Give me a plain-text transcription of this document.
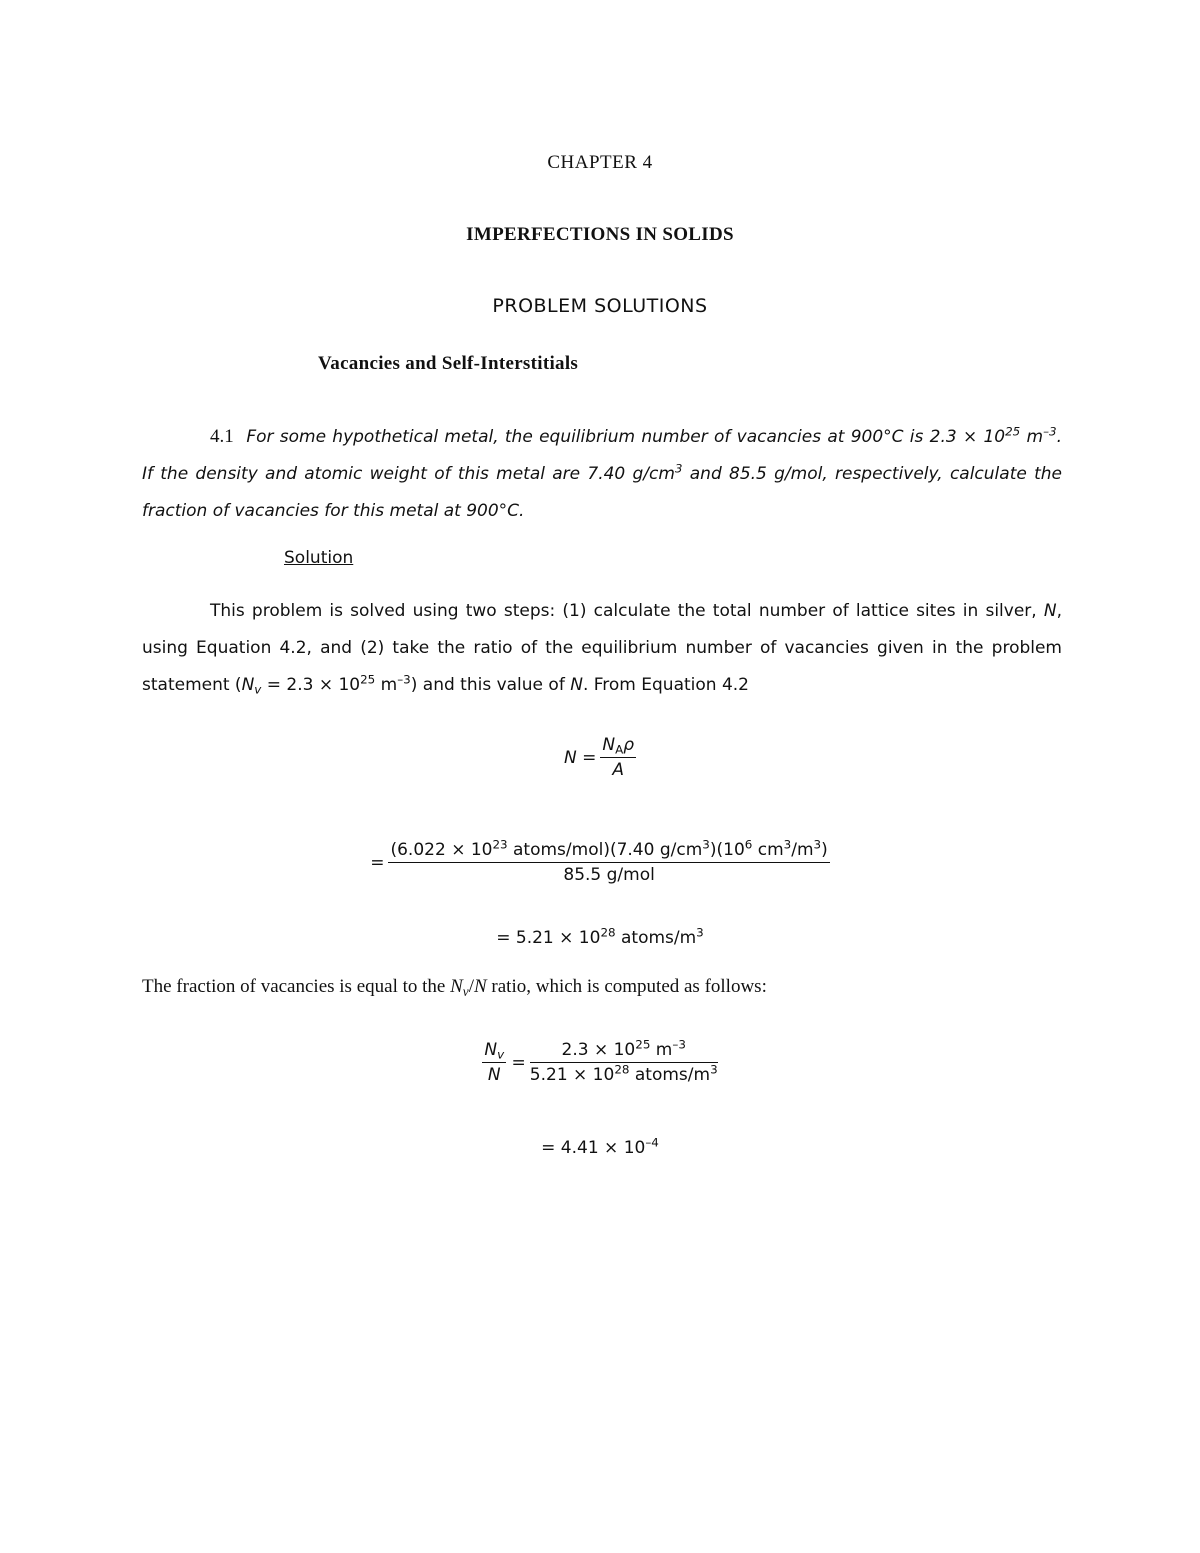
CHAPTER 4
IMPERFECTIONS IN SOLIDS
PROBLEM SOLUTIONS
Vacancies and Self-Interstitials
4.1 For some hypothetical metal, the equilibrium number of vacancies at 900°C is $2.3 \times 10^{25}$ $m^{-3}$. If the density and atomic weight of this metal are 7.40 $g/cm^3$ and 85.5 g/mol, respectively, calculate the fraction of vacancies for this metal at 900°C.
Solution
This problem is solved using two steps: (1) calculate the total number of lattice sites in silver, N, using Equation 4.2, and (2) take the ratio of the equilibrium number of vacancies given in the problem statement ($N_v = 2.3 \times 10^{25}$ $m^{-3}$) and this value of N. From Equation 4.2
$N = \frac{N_A\rho}{A}$
= $\frac{(6.022 \times 10^{23} atoms/mol)(7.40 g/cm^3)(10^6 cm^3/m^3)}{\text{85.5 g/mol}}$
= $5.21 \times 10^{28}$ atoms/$m^3$
The fraction of vacancies is equal to the $N_v/N$ ratio, which is computed as follows:
$\frac{N_v}{N} = \frac{2.3 \times 10^{25} m^{-3}}{5.21 \times 10^{28} atoms/m^3}$
= $4.41 \times 10^{-4}$
